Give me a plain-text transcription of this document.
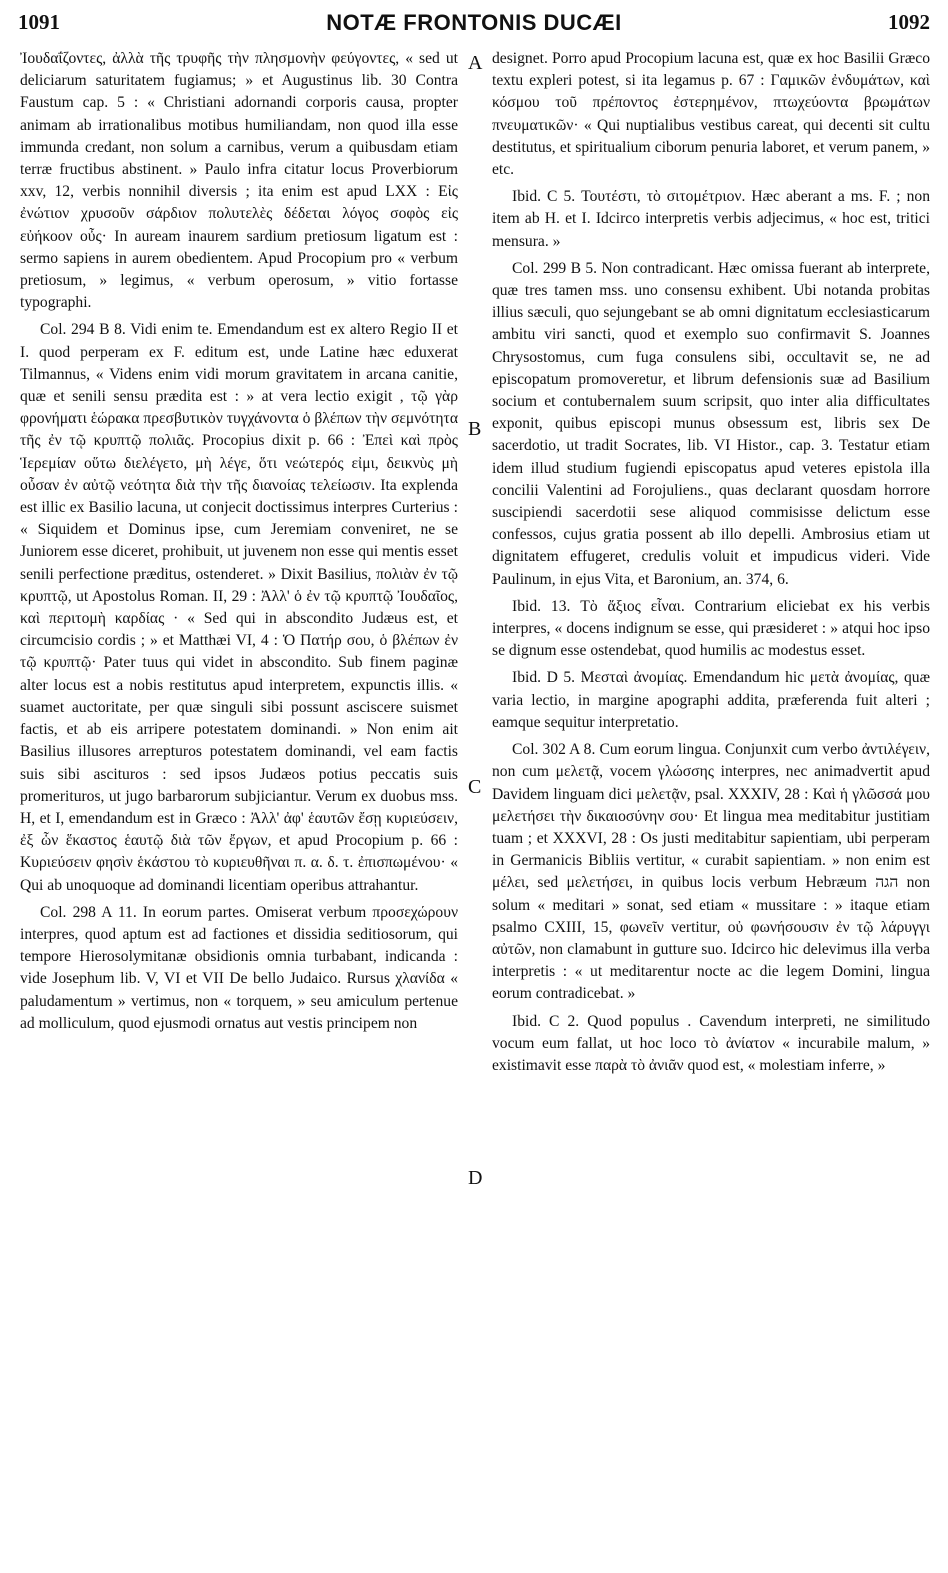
1091	NOTÆ FRONTONIS DUCÆI	1092
A
B
C
D

Ἰουδαΐζοντες, ἀλλὰ τῆς τρυφῆς τὴν πλησμονὴν φεύγοντες, « sed ut deliciarum saturitatem fugiamus; » et Augustinus lib. 30 Contra Faustum cap. 5 : « Christiani adornandi corporis causa, propter animam ab irrationalibus motibus humiliandam, non quod illa esse immunda credant, non solum a carnibus, verum a quibusdam etiam terræ fructibus abstinent. » Paulo infra citatur locus Proverbiorum xxv, 12, verbis nonnihil diversis ; ita enim est apud LXX : Εἰς ἐνώτιον χρυσοῦν σάρδιον πολυτελὲς δέδεται λόγος σοφὸς εἰς εὐήκοον οὖς· In auream inaurem sardium pretiosum ligatum est : sermo sapiens in aurem obedientem. Apud Procopium pro « verbum pretiosum, » legimus, « verbum operosum, » vitio fortasse typographi.

Col. 294 B 8. Vidi enim te. Emendandum est ex altero Regio II et I. quod perperam ex F. editum est, unde Latine hæc eduxerat Tilmannus, « Videns enim vidi morum gravitatem in arcana canitie, quæ et senili sensu prædita est : » at vera lectio exigit , τῷ γὰρ φρονήματι ἑώρακα πρεσβυτικὸν τυγχάνοντα ὁ βλέπων τὴν σεμνότητα τῆς ἐν τῷ κρυπτῷ πολιᾶς. Procopius dixit p. 66 : Ἐπεὶ καὶ πρὸς Ἱερεμίαν οὕτω διελέγετο, μὴ λέγε, ὅτι νεώτερός εἰμι, δεικνὺς μὴ οὖσαν ἐν αὐτῷ νεότητα διὰ τὴν τῆς διανοίας τελείωσιν. Ita explenda est illic ex Basilio lacuna, ut conjecit doctissimus interpres Curterius : « Siquidem et Dominus ipse, cum Jeremiam conveniret, ne se Juniorem esse diceret, prohibuit, ut juvenem non esse qui mentis esset senili perfectione præditus, ostenderet. » Dixit Basilius, πολιὰν ἐν τῷ κρυπτῷ, ut Apostolus Roman. II, 29 : Ἀλλ' ὁ ἐν τῷ κρυπτῷ Ἰουδαῖος, καὶ περιτομὴ καρδίας · « Sed qui in abscondito Judæus est, et circumcisio cordis ; » et Matthæi VI, 4 : Ὁ Πατήρ σου, ὁ βλέπων ἐν τῷ κρυπτῷ· Pater tuus qui videt in abscondito. Sub finem paginæ alter locus est a nobis restitutus apud interpretem, expunctis illis. « suamet auctoritate, per quæ singuli sibi possunt asciscere suismet factis, et ab eis arripere potestatem dominandi. » Non enim ait Basilius illusores arrepturos potestatem dominandi, vel eam factis suis sibi ascituros : sed ipsos Judæos potius peccatis suis promerituros, ut jugo barbarorum subjiciantur. Verum ex duobus mss. H, et I, emendandum est in Græco : Ἀλλ' ἀφ' ἑαυτῶν ἔσῃ κυριεύσειν, ἐξ ὧν ἕκαστος ἑαυτῷ διὰ τῶν ἔργων, et apud Procopium p. 66 : Κυριεύσειν φησὶν ἑκάστου τὸ κυριευθῆναι π. α. δ. τ. ἐπισπωμένου· « Qui ab unoquoque ad dominandi licentiam operibus attrahantur.

Col. 298 A 11. In eorum partes. Omiserat verbum προσεχώρουν interpres, quod aptum est ad factiones et dissidia seditiosorum, qui tempore Hierosolymitanæ obsidionis omnia turbabant, indicanda : vide Josephum lib. V, VI et VII De bello Judaico. Rursus χλανίδα « paludamentum » vertimus, non « torquem, » seu amiculum pertenue ad molliculum, quod ejusmodi ornatus aut vestis principem non

designet. Porro apud Procopium lacuna est, quæ ex hoc Basilii Græco textu expleri potest, si ita legamus p. 67 : Γαμικῶν ἐνδυμάτων, καὶ κόσμου τοῦ πρέποντος ἐστερημένον, πτωχεύοντα βρωμάτων πνευματικῶν· « Qui nuptialibus vestibus careat, qui decenti sit cultu destitutus, et spiritualium ciborum penuria laboret, et verum panem, » etc.

Ibid. C 5. Τουτέστι, τὸ σιτομέτριον. Hæc aberant a ms. F. ; non item ab H. et I. Idcirco interpretis verbis adjecimus, « hoc est, tritici mensura. »

Col. 299 B 5. Non contradicant. Hæc omissa fuerant ab interprete, quæ tres tamen mss. uno consensu exhibent. Ubi notanda probitas illius sæculi, quo sejungebant se ab omni dignitatum ecclesiasticarum ambitu viri sancti, quod et exemplo suo confirmavit S. Joannes Chrysostomus, cum fuga consulens sibi, occultavit se, ne ad episcopatum promoveretur, et librum defensionis suæ ad Basilium socium et contubernalem suum scripsit, quo inter alia difficultates exponit, quibus episcopi munus obsessum est, libris sex De sacerdotio, ut tradit Socrates, lib. VI Histor., cap. 3. Testatur etiam idem illud studium fugiendi episcopatus apud veteres epistola illa concilii Valentini ad Forojuliens., quas declarant quosdam horrore suscipiendi sacerdotii sese aliquod commisisse delictum esse confessos, cujus gratia possent ab illo depelli. Ambrosius etiam ut dignitatem effugeret, credulis voluit et impudicus videri. Vide Paulinum, in ejus Vita, et Baronium, an. 374, 6.

Ibid. 13. Τὸ ἄξιος εἶναι. Contrarium eliciebat ex his verbis interpres, « docens indignum se esse, qui præsideret : » atqui hoc ipso se dignum esse ostendebat, quod humilis ac modestus esset.

Ibid. D 5. Μεσταὶ ἀνομίας. Emendandum hic μετὰ ἀνομίας, quæ varia lectio, in margine apographi addita, præferenda fuit alteri ; eamque sequitur interpretatio.

Col. 302 A 8. Cum eorum lingua. Conjunxit cum verbo ἀντιλέγειν, non cum μελετᾷ, vocem γλώσσης interpres, nec animadvertit apud Davidem linguam dici μελετᾷν, psal. XXXIV, 28 : Καὶ ἡ γλῶσσά μου μελετήσει τὴν δικαιοσύνην σου· Et lingua mea meditabitur justitiam tuam ; et XXXVI, 28 : Os justi meditabitur sapientiam, ubi perperam in Germanicis Bibliis vertitur, « curabit sapientiam. » non enim est μέλει, sed μελετήσει, in quibus locis verbum Hebræum הגה non solum « meditari » sonat, sed etiam « mussitare : » itaque etiam psalmo CXIII, 15, φωνεῖν vertitur, οὐ φωνήσουσιν ἐν τῷ λάρυγγι αὐτῶν, non clamabunt in gutture suo. Idcirco hic delevimus illa verba interpretis : « ut meditarentur nocte ac die legem Domini, lingua eorum contradicebat. »

Ibid. C 2. Quod populus . Cavendum interpreti, ne similitudo vocum eum fallat, ut hoc loco τὸ ἀνίατον « incurabile malum, » existimavit esse παρὰ τὸ ἀνιᾶν quod est, « molestiam inferre, »
